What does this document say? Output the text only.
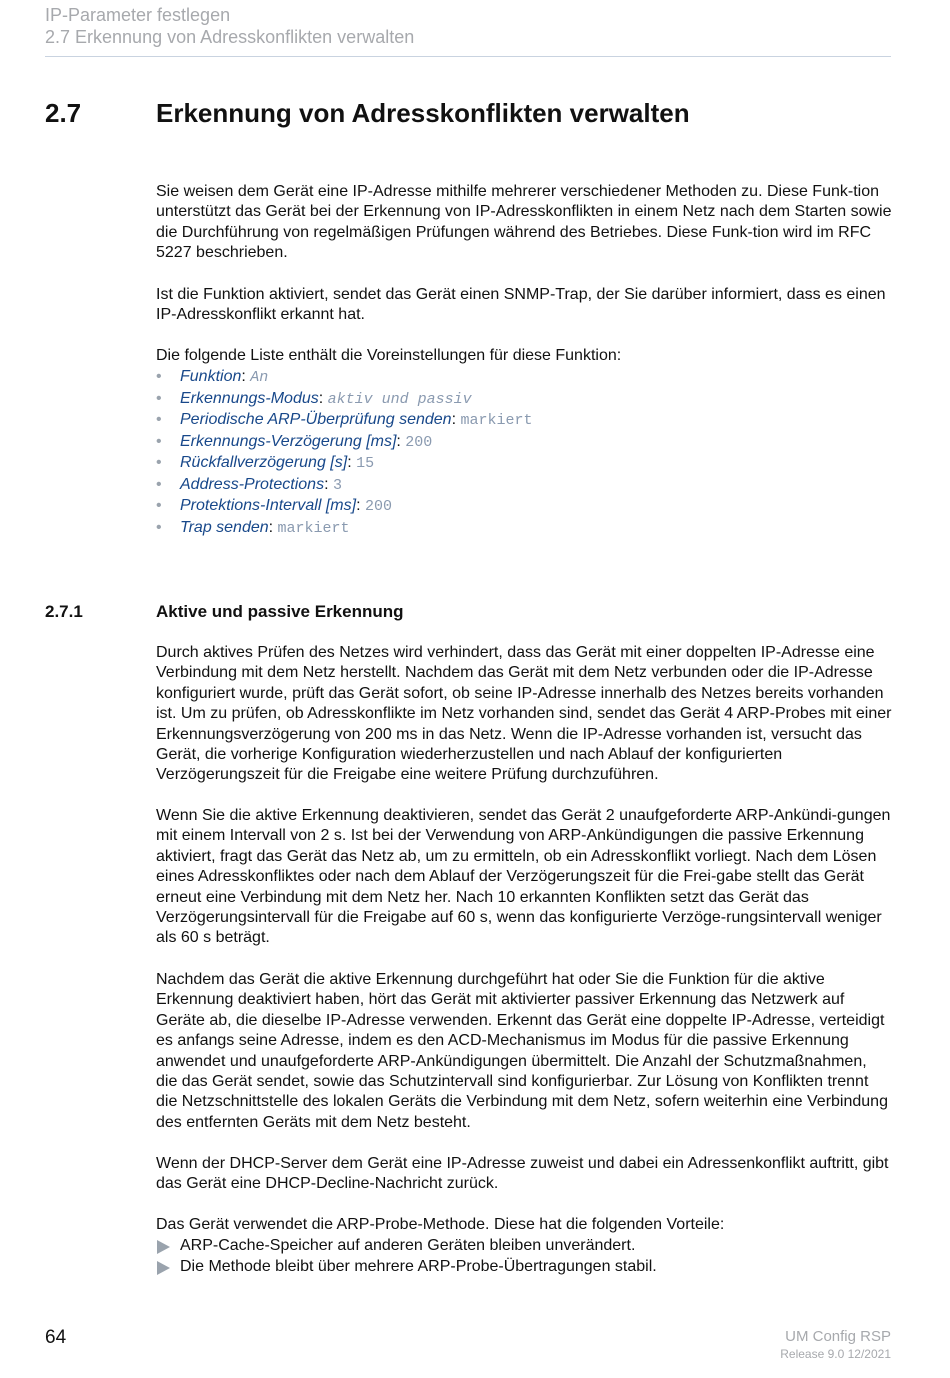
IP-Parameter festlegen
2.7 Erkennung von Adresskonflikten verwalten
2.7	Erkennung von Adresskonflikten verwalten

Sie weisen dem Gerät eine IP-Adresse mithilfe mehrerer verschiedener Methoden zu. Diese Funk-tion unterstützt das Gerät bei der Erkennung von IP-Adresskonflikten in einem Netz nach dem Starten sowie die Durchführung von regelmäßigen Prüfungen während des Betriebes. Diese Funk-tion wird im RFC 5227 beschrieben.

Ist die Funktion aktiviert, sendet das Gerät einen SNMP-Trap, der Sie darüber informiert, dass es einen IP-Adresskonflikt erkannt hat.

Die folgende Liste enthält die Voreinstellungen für diese Funktion:

• Funktion: An
• Erkennungs-Modus: aktiv und passiv
• Periodische ARP-Überprüfung senden: markiert
• Erkennungs-Verzögerung [ms]: 200
• Rückfallverzögerung [s]: 15
• Address-Protections: 3
• Protektions-Intervall [ms]: 200
• Trap senden: markiert
2.7.1	Aktive und passive Erkennung

Durch aktives Prüfen des Netzes wird verhindert, dass das Gerät mit einer doppelten IP-Adresse eine Verbindung mit dem Netz herstellt. Nachdem das Gerät mit dem Netz verbunden oder die IP-Adresse konfiguriert wurde, prüft das Gerät sofort, ob seine IP-Adresse innerhalb des Netzes bereits vorhanden ist. Um zu prüfen, ob Adresskonflikte im Netz vorhanden sind, sendet das Gerät 4 ARP-Probes mit einer Erkennungsverzögerung von 200 ms in das Netz. Wenn die IP-Adresse vorhanden ist, versucht das Gerät, die vorherige Konfiguration wiederherzustellen und nach Ablauf der konfigurierten Verzögerungszeit für die Freigabe eine weitere Prüfung durchzuführen.

Wenn Sie die aktive Erkennung deaktivieren, sendet das Gerät 2 unaufgeforderte ARP-Ankündi-gungen mit einem Intervall von 2 s. Ist bei der Verwendung von ARP-Ankündigungen die passive Erkennung aktiviert, fragt das Gerät das Netz ab, um zu ermitteln, ob ein Adresskonflikt vorliegt. Nach dem Lösen eines Adresskonfliktes oder nach dem Ablauf der Verzögerungszeit für die Frei-gabe stellt das Gerät erneut eine Verbindung mit dem Netz her. Nach 10 erkannten Konflikten setzt das Gerät das Verzögerungsintervall für die Freigabe auf 60 s, wenn das konfigurierte Verzöge-rungsintervall weniger als 60 s beträgt.

Nachdem das Gerät die aktive Erkennung durchgeführt hat oder Sie die Funktion für die aktive Erkennung deaktiviert haben, hört das Gerät mit aktivierter passiver Erkennung das Netzwerk auf Geräte ab, die dieselbe IP-Adresse verwenden. Erkennt das Gerät eine doppelte IP-Adresse, verteidigt es anfangs seine Adresse, indem es den ACD-Mechanismus im Modus für die passive Erkennung anwendet und unaufgeforderte ARP-Ankündigungen übermittelt. Die Anzahl der Schutzmaßnahmen, die das Gerät sendet, sowie das Schutzintervall sind konfigurierbar. Zur Lösung von Konflikten trennt die Netzschnittstelle des lokalen Geräts die Verbindung mit dem Netz, sofern weiterhin eine Verbindung des entfernten Geräts mit dem Netz besteht.

Wenn der DHCP-Server dem Gerät eine IP-Adresse zuweist und dabei ein Adressenkonflikt auftritt, gibt das Gerät eine DHCP-Decline-Nachricht zurück.

Das Gerät verwendet die ARP-Probe-Methode. Diese hat die folgenden Vorteile:

ARP-Cache-Speicher auf anderen Geräten bleiben unverändert.
Die Methode bleibt über mehrere ARP-Probe-Übertragungen stabil.
64	UM Config RSP
Release 9.0 12/2021
